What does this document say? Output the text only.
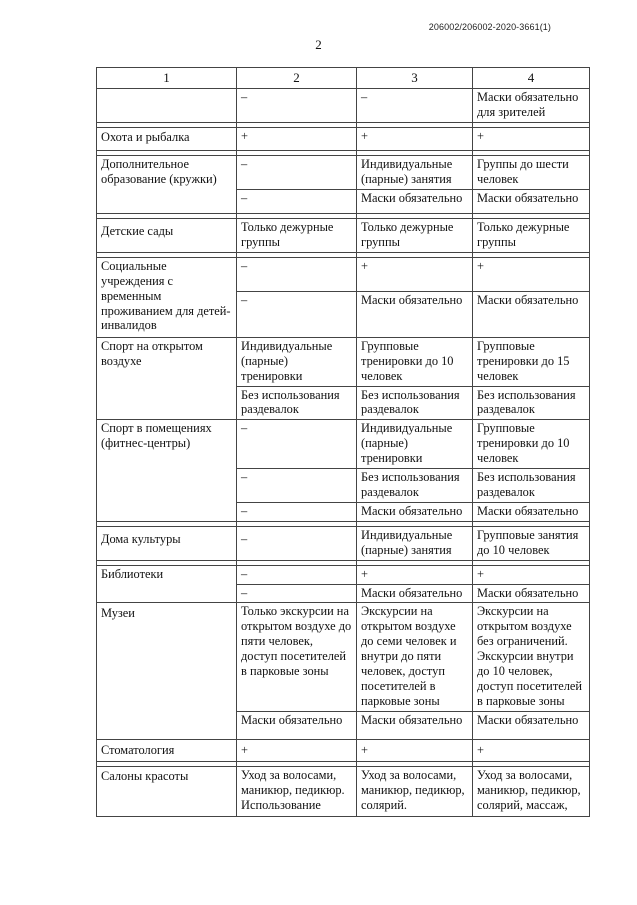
206002/206002-2020-3661(1)
2
1	2	3	4
	–	–	Маски обязательно для зрителей

Охота и рыбалка	+	+	+

Дополнительное образование (кружки)	–	Индивидуальные (парные) занятия	Группы до шести человек
	–	Маски обязательно	Маски обязательно

Детские сады	Только дежурные группы	Только дежурные группы	Только дежурные группы

Социальные учреждения с временным проживанием для детей-инвалидов	–	+	+
	–	Маски обязательно	Маски обязательно
Спорт на открытом воздухе	Индивидуальные (парные) тренировки	Групповые тренировки до 10 человек	Групповые тренировки до 15 человек
	Без использования раздевалок	Без использования раздевалок	Без использования раздевалок
Спорт в помещениях (фитнес-центры)	–	Индивидуальные (парные) тренировки	Групповые тренировки до 10 человек
	–	Без использования раздевалок	Без использования раздевалок
	–	Маски обязательно	Маски обязательно

Дома культуры	–	Индивидуальные (парные) занятия	Групповые занятия до 10 человек

Библиотеки	–	+	+
	–	Маски обязательно	Маски обязательно
Музеи	Только экскурсии на открытом воздухе до пяти человек, доступ посетителей в парковые зоны	Экскурсии на открытом воздухе до семи человек и внутри до пяти человек, доступ посетителей в парковые зоны	Экскурсии на открытом воздухе без ограничений. Экскурсии внутри до 10 человек, доступ посетителей в парковые зоны
	Маски обязательно	Маски обязательно	Маски обязательно
Стоматология	+	+	+

Салоны красоты	Уход за волосами, маникюр, педикюр. Использование	Уход за волосами, маникюр, педикюр, солярий.	Уход за волосами, маникюр, педикюр, солярий, массаж,
